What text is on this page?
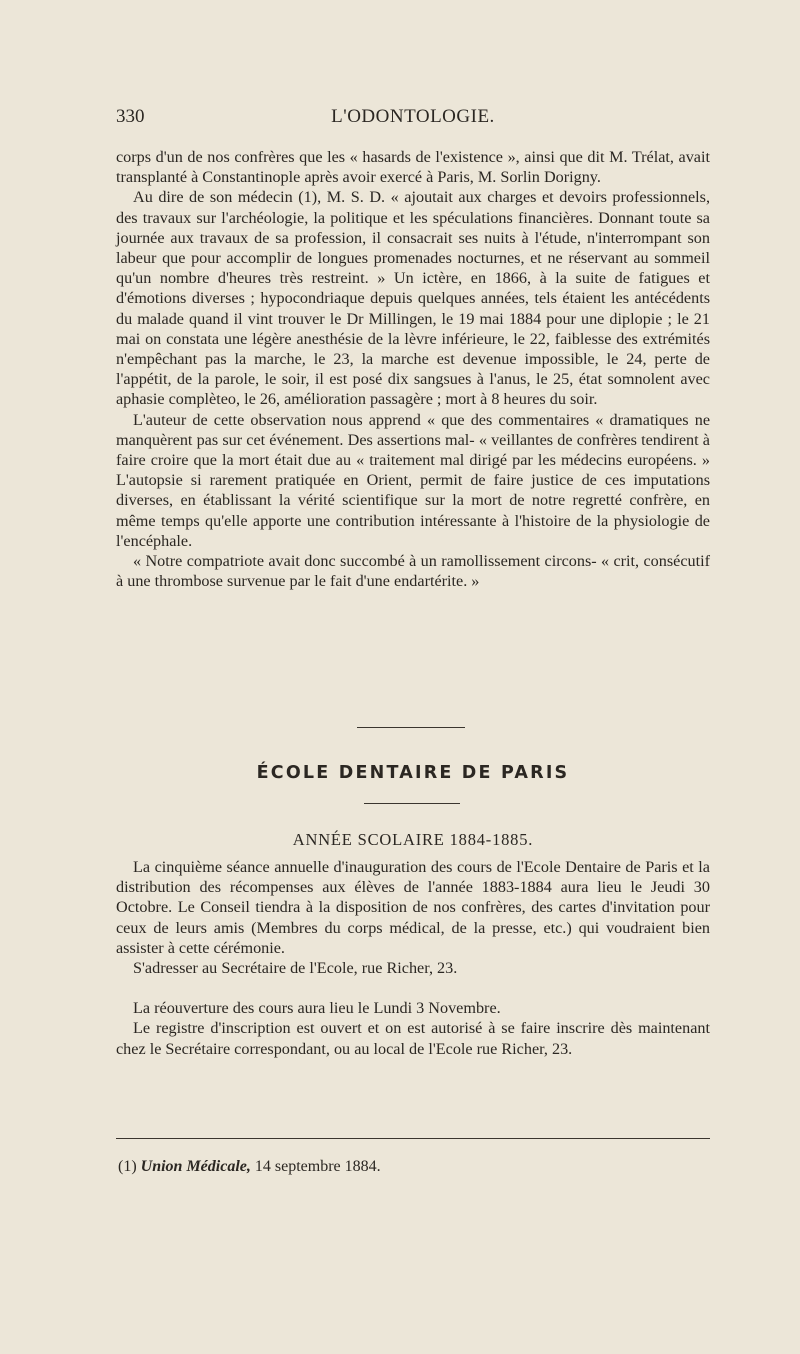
330	L'ODONTOLOGIE.

corps d'un de nos confrères que les « hasards de l'existence », ainsi que dit M. Trélat, avait transplanté à Constantinople après avoir exercé à Paris, M. Sorlin Dorigny.

Au dire de son médecin (1), M. S. D. « ajoutait aux charges et devoirs professionnels, des travaux sur l'archéologie, la politique et les spéculations financières. Donnant toute sa journée aux travaux de sa profession, il consacrait ses nuits à l'étude, n'interrompant son labeur que pour accomplir de longues promenades nocturnes, et ne réservant au sommeil qu'un nombre d'heures très restreint. » Un ictère, en 1866, à la suite de fatigues et d'émotions diverses ; hypocondriaque depuis quelques années, tels étaient les antécédents du malade quand il vint trouver le Dr Millingen, le 19 mai 1884 pour une diplopie ; le 21 mai on constata une légère anesthésie de la lèvre inférieure, le 22, faiblesse des extrémités n'empêchant pas la marche, le 23, la marche est devenue impossible, le 24, perte de l'appétit, de la parole, le soir, il est posé dix sangsues à l'anus, le 25, état somnolent avec aphasie complèteo, le 26, amélioration passagère ; mort à 8 heures du soir.

L'auteur de cette observation nous apprend « que des commentaires « dramatiques ne manquèrent pas sur cet événement. Des assertions mal- « veillantes de confrères tendirent à faire croire que la mort était due au « traitement mal dirigé par les médecins européens. » L'autopsie si rarement pratiquée en Orient, permit de faire justice de ces imputations diverses, en établissant la vérité scientifique sur la mort de notre regretté confrère, en même temps qu'elle apporte une contribution intéressante à l'histoire de la physiologie de l'encéphale.

« Notre compatriote avait donc succombé à un ramollissement circons- « crit, consécutif à une thrombose survenue par le fait d'une endartérite. »

ÉCOLE DENTAIRE DE PARIS
ANNÉE SCOLAIRE 1884-1885.

La cinquième séance annuelle d'inauguration des cours de l'Ecole Dentaire de Paris et la distribution des récompenses aux élèves de l'année 1883-1884 aura lieu le Jeudi 30 Octobre. Le Conseil tiendra à la disposition de nos confrères, des cartes d'invitation pour ceux de leurs amis (Membres du corps médical, de la presse, etc.) qui voudraient bien assister à cette cérémonie.

S'adresser au Secrétaire de l'Ecole, rue Richer, 23.

La réouverture des cours aura lieu le Lundi 3 Novembre.

Le registre d'inscription est ouvert et on est autorisé à se faire inscrire dès maintenant chez le Secrétaire correspondant, ou au local de l'Ecole rue Richer, 23.

(1) Union Médicale, 14 septembre 1884.
